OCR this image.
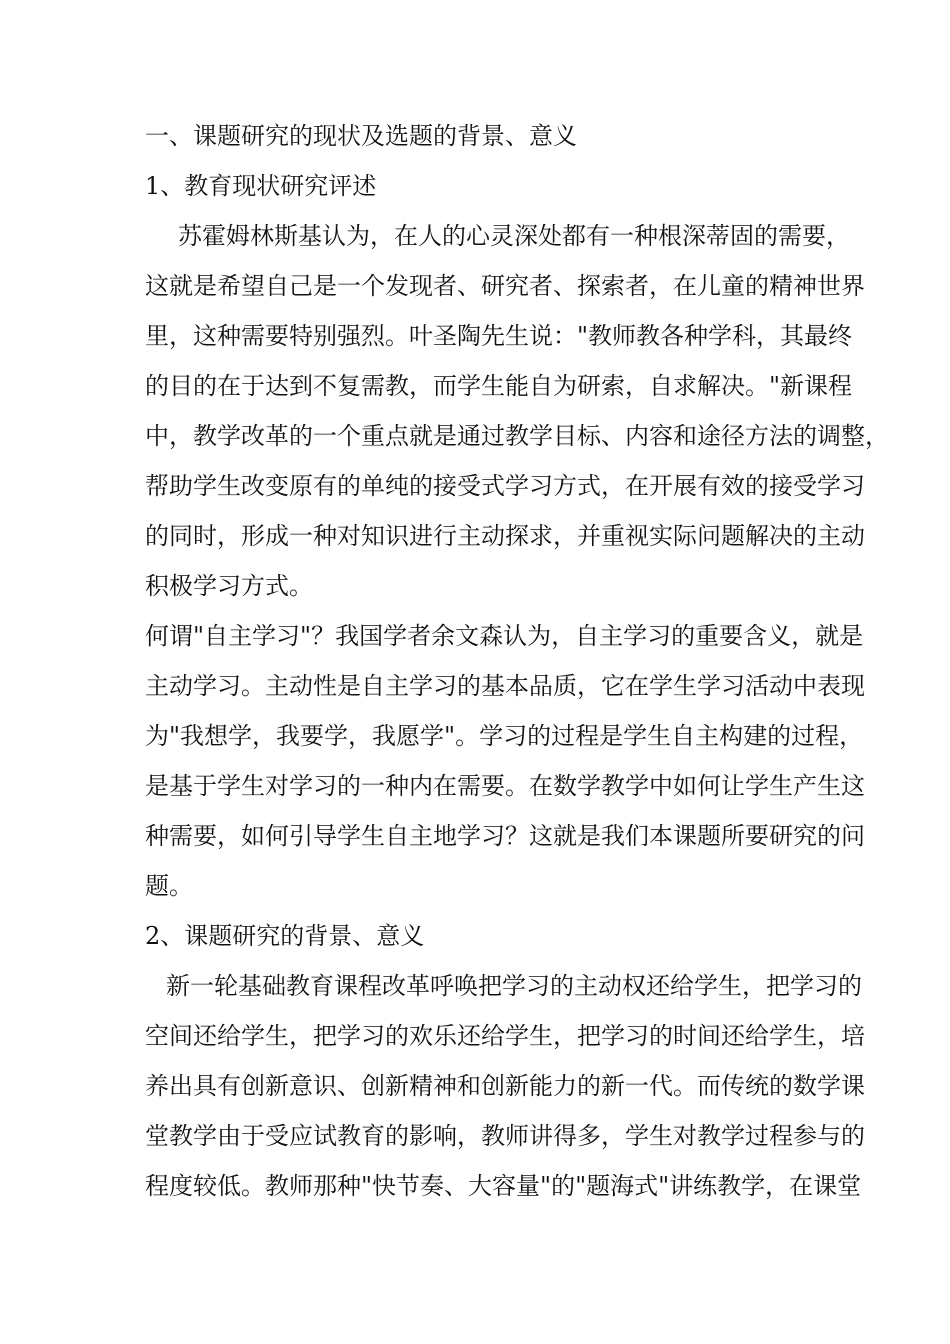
一、课题研究的现状及选题的背景、意义
1、教育现状研究评述
苏霍姆林斯基认为，在人的心灵深处都有一种根深蒂固的需要，
这就是希望自己是一个发现者、研究者、探索者，在儿童的精神世界
里，这种需要特别强烈。叶圣陶先生说："教师教各种学科，其最终
的目的在于达到不复需教，而学生能自为研索，自求解决。"新课程
中，教学改革的一个重点就是通过教学目标、内容和途径方法的调整，
帮助学生改变原有的单纯的接受式学习方式，在开展有效的接受学习
的同时，形成一种对知识进行主动探求，并重视实际问题解决的主动
积极学习方式。
何谓"自主学习"？我国学者余文森认为，自主学习的重要含义，就是
主动学习。主动性是自主学习的基本品质，它在学生学习活动中表现
为"我想学，我要学，我愿学"。学习的过程是学生自主构建的过程，
是基于学生对学习的一种内在需要。在数学教学中如何让学生产生这
种需要，如何引导学生自主地学习？这就是我们本课题所要研究的问
题。
2、课题研究的背景、意义
新一轮基础教育课程改革呼唤把学习的主动权还给学生，把学习的
空间还给学生，把学习的欢乐还给学生，把学习的时间还给学生，培
养出具有创新意识、创新精神和创新能力的新一代。而传统的数学课
堂教学由于受应试教育的影响，教师讲得多，学生对教学过程参与的
程度较低。教师那种"快节奏、大容量"的"题海式"讲练教学，在课堂
